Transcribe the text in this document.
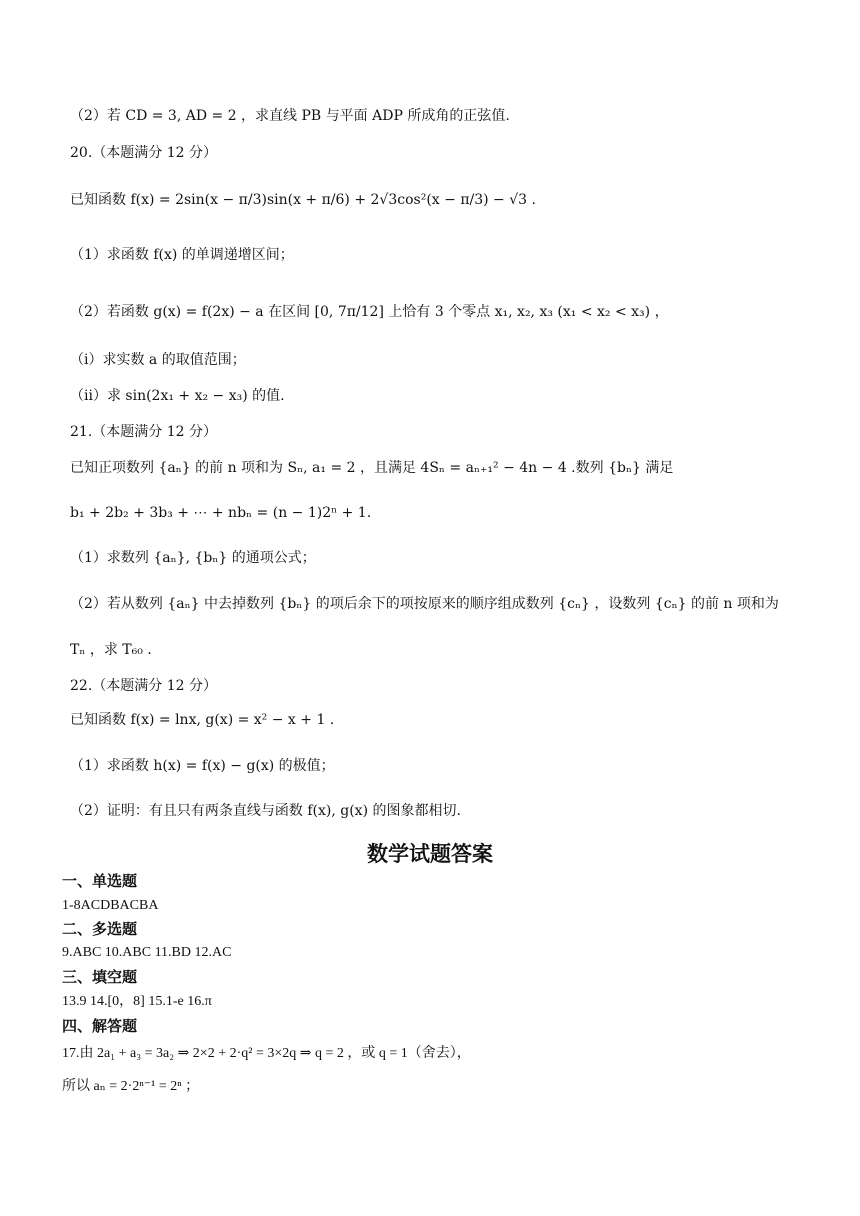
（2）若 CD = 3, AD = 2 ，求直线 PB 与平面 ADP 所成角的正弦值.
20.（本题满分 12 分）
已知函数 f(x) = 2sin(x − π/3)sin(x + π/6) + 2√3cos²(x − π/3) − √3 .
（1）求函数 f(x) 的单调递增区间；
（2）若函数 g(x) = f(2x) − a 在区间 [0, 7π/12] 上恰有 3 个零点 x₁, x₂, x₃ (x₁ < x₂ < x₃) ，
（i）求实数 a 的取值范围；
（ii）求 sin(2x₁ + x₂ − x₃) 的值.
21.（本题满分 12 分）
已知正项数列 {aₙ} 的前 n 项和为 Sₙ, a₁ = 2 ，且满足 4Sₙ = aₙ₊₁² − 4n − 4 .数列 {bₙ} 满足
b₁ + 2b₂ + 3b₃ + ⋯ + nbₙ = (n − 1)2ⁿ + 1.
（1）求数列 {aₙ}, {bₙ} 的通项公式；
（2）若从数列 {aₙ} 中去掉数列 {bₙ} 的项后余下的项按原来的顺序组成数列 {cₙ} ，设数列 {cₙ} 的前 n 项和为
Tₙ ，求 T₆₀ .
22.（本题满分 12 分）
已知函数 f(x) = lnx, g(x) = x² − x + 1 .
（1）求函数 h(x) = f(x) − g(x) 的极值；
（2）证明：有且只有两条直线与函数 f(x), g(x) 的图象都相切.
数学试题答案
一、单选题
1-8ACDBACBA
二、多选题
9.ABC 10.ABC 11.BD 12.AC
三、填空题
13.9 14.[0，8] 15.1-e 16.π
四、解答题
17.由 2a₁ + a₃ = 3a₂ ⇒ 2×2 + 2·q² = 3×2q ⇒ q = 2 ，或 q = 1（舍去），
所以 aₙ = 2·2ⁿ⁻¹ = 2ⁿ ；
